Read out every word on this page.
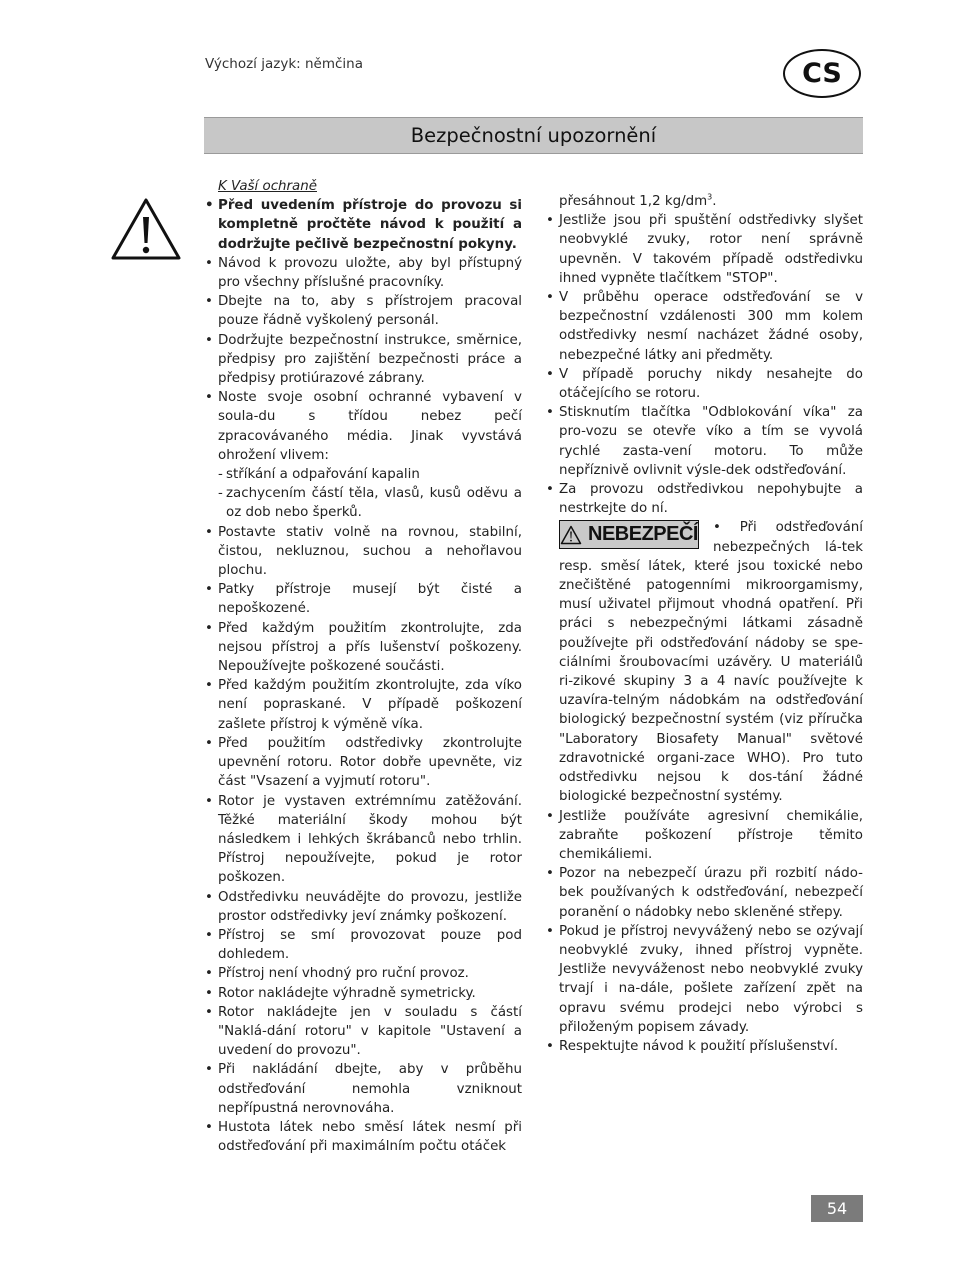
Výchozí jazyk: němčina	CS
Bezpečnostní upozornění
K Vaší ochraně
• Před uvedením přístroje do provozu si kompletně pročtěte návod k použití a dodržujte pečlivě bezpečnostní pokyny.
• Návod k provozu uložte, aby byl přístupný pro všechny příslušné pracovníky.
• Dbejte na to, aby s přístrojem pracoval pouze řádně vyškolený personál.
• Dodržujte bezpečnostní instrukce, směrnice, předpisy pro zajištění bezpečnosti práce a předpisy protiúrazové zábrany.
• Noste svoje osobní ochranné vybavení v soula-du s třídou nebez pečí zpracovávaného média. Jinak vyvstává ohrožení vlivem:
- stříkání a odpařování kapalin
- zachycením částí těla, vlasů, kusů oděvu a oz dob nebo šperků.
• Postavte stativ volně na rovnou, stabilní, čistou, nekluznou, suchou a nehořlavou plochu.
• Patky přístroje musejí být čisté a nepoškozené.
• Před každým použitím zkontrolujte, zda nejsou přístroj a přís lušenství poškozeny. Nepoužívejte poškozené součásti.
• Před každým použitím zkontrolujte, zda víko není popraskané. V případě poškození zašlete přístroj k výměně víka.
• Před použitím odstředivky zkontrolujte upevnění rotoru. Rotor dobře upevněte, viz část "Vsazení a vyjmutí rotoru".
• Rotor je vystaven extrémnímu zatěžování. Těžké materiální škody mohou být následkem i lehkých škrábanců nebo trhlin. Přístroj nepoužívejte, pokud je rotor poškozen.
• Odstředivku neuvádějte do provozu, jestliže prostor odstředivky jeví známky poškození.
• Přístroj se smí provozovat pouze pod dohledem.
• Přístroj není vhodný pro ruční provoz.
• Rotor nakládejte výhradně symetricky.
• Rotor nakládejte jen v souladu s částí "Naklá-dání rotoru" v kapitole "Ustavení a uvedení do provozu".
• Při nakládání dbejte, aby v průběhu odstřeďování nemohla vzniknout nepřípustná nerovnováha.
• Hustota látek nebo směsí látek nesmí při odstřeďování při maximálním počtu otáček
přesáhnout 1,2 $kg/dm^3$.
• Jestliže jsou při spuštění odstředivky slyšet neobvyklé zvuky, rotor není správně upevněn. V takovém případě odstředivku ihned vypněte tlačítkem "STOP".
• V průběhu operace odstřeďování se v bezpečnostní vzdálenosti 300 mm kolem odstředivky nesmí nacházet žádné osoby, nebezpečné látky ani předměty.
• V případě poruchy nikdy nesahejte do otáčejícího se rotoru.
• Stisknutím tlačítka "Odblokování víka" za pro-vozu se otevře víko a tím se vyvolá rychlé zasta-vení motoru. To může nepříznivě ovlivnit výsle-dek odstřeďování.
• Za provozu odstředivkou nepohybujte a nestrkejte do ní.
NEBEZPEČÍ	• Při odstřeďování nebezpečných lá-tek resp. směsí látek, které jsou toxické nebo znečištěné patogenními mikroorgamismy, musí uživatel přijmout vhodná opatření. Při práci s nebezpečnými látkami zásadně používejte při odstřeďování nádoby se spe-ciálními šroubovacími uzávěry. U materiálů ri-zikové skupiny 3 a 4 navíc používejte k uzavíra-telným nádobkám na odstřeďování biologický bezpečnostní systém (viz příručka "Laboratory Biosafety Manual" světové zdravotnické organi-zace WHO). Pro tuto odstředivku nejsou k dos-tání žádné biologické bezpečnostní systémy.
• Jestliže používáte agresivní chemikálie, zabraňte poškození přístroje těmito chemikáliemi.
• Pozor na nebezpečí úrazu při rozbití nádo-bek používaných k odstřeďování, nebezpečí poranění o nádobky nebo skleněné střepy.
• Pokud je přístroj nevyvážený nebo se ozývají neobvyklé zvuky, ihned přístroj vypněte. Jestliže nevyváženost nebo neobvyklé zvuky trvají i na-dále, pošlete zařízení zpět na opravu svému prodejci nebo výrobci s přiloženým popisem závady.
• Respektujte návod k použití příslušenství.
54
